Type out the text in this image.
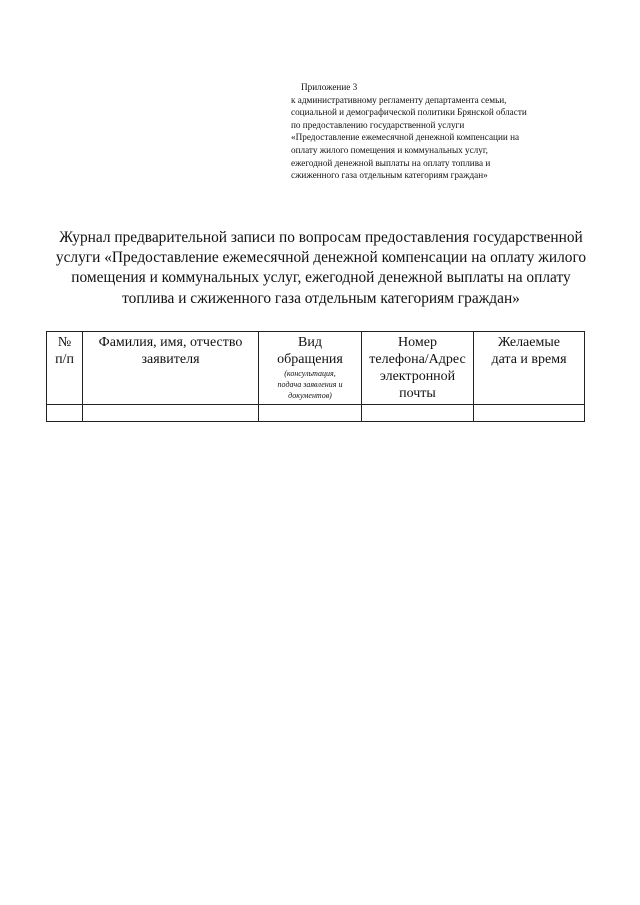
Приложение 3
к административному регламенту департамента семьи,
социальной и демографической политики Брянской области
по предоставлению государственной услуги
«Предоставление ежемесячной денежной компенсации на
оплату жилого помещения и коммунальных услуг,
ежегодной денежной выплаты на оплату топлива и
сжиженного газа отдельным категориям граждан»
Журнал предварительной записи по вопросам предоставления государственной
услуги «Предоставление ежемесячной денежной компенсации на оплату жилого
помещения и коммунальных услуг, ежегодной денежной выплаты на оплату
топлива и сжиженного газа отдельным категориям граждан»
№
п/п	Фамилия, имя, отчество
заявителя	Вид
обращения
(консультация,
подача заявления и
документов)	Номер
телефона/Адрес
электронной
почты	Желаемые
дата и время
